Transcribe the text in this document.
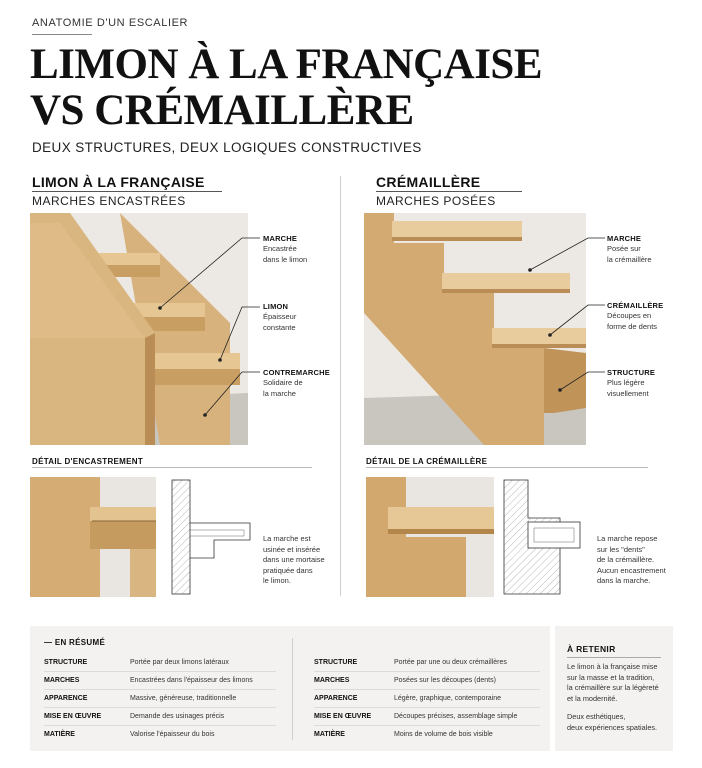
ANATOMIE D'UN ESCALIER
LIMON À LA FRANÇAISE
VS CRÉMAILLÈRE
DEUX STRUCTURES, DEUX LOGIQUES CONSTRUCTIVES
LIMON À LA FRANÇAISE
MARCHES ENCASTRÉES
CRÉMAILLÈRE
MARCHES POSÉES
MARCHE
Encastrée
dans le limon
LIMON
Épaisseur
constante
CONTREMARCHE
Solidaire de
la marche
MARCHE
Posée sur
la crémaillère
CRÉMAILLÈRE
Découpes en
forme de dents
STRUCTURE
Plus légère
visuellement
DÉTAIL D'ENCASTREMENT	DÉTAIL DE LA CRÉMAILLÈRE
La marche est
usinée et insérée
dans une mortaise
pratiquée dans
le limon.
La marche repose
sur les "dents"
de la crémaillère.
Aucun encastrement
dans la marche.
— EN RÉSUMÉ
STRUCTURE	Portée par deux limons latéraux
MARCHES	Encastrées dans l'épaisseur des limons
APPARENCE	Massive, généreuse, traditionnelle
MISE EN ŒUVRE	Demande des usinages précis
MATIÈRE	Valorise l'épaisseur du bois
STRUCTURE	Portée par une ou deux crémaillères
MARCHES	Posées sur les découpes (dents)
APPARENCE	Légère, graphique, contemporaine
MISE EN ŒUVRE	Découpes précises, assemblage simple
MATIÈRE	Moins de volume de bois visible
À RETENIR
Le limon à la française mise
sur la masse et la tradition,
la crémaillère sur la légèreté
et la modernité.
Deux esthétiques,
deux expériences spatiales.
